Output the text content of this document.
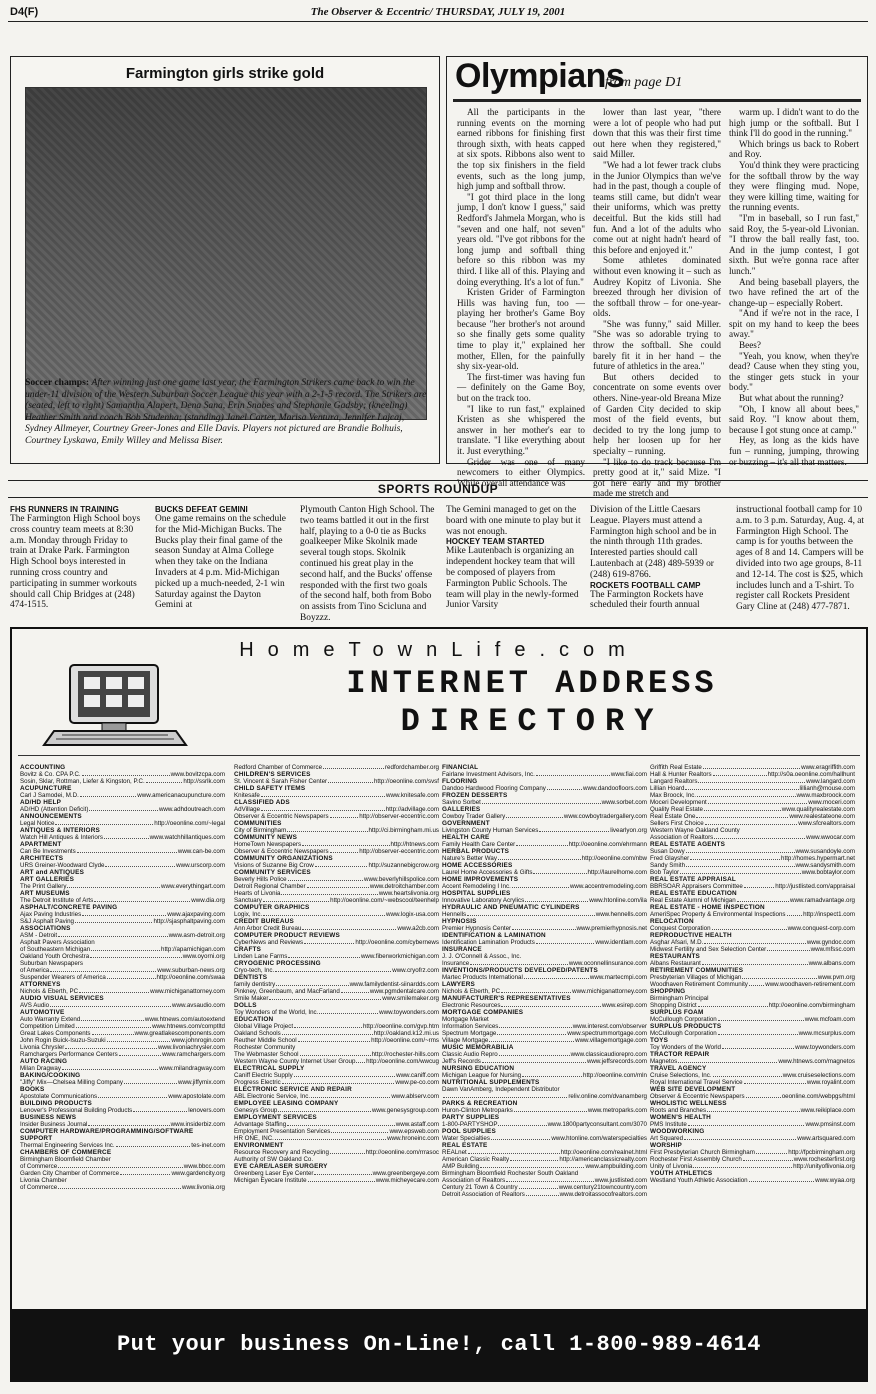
D4(F)	The Observer & Eccentric/ THURSDAY, JULY 19, 2001
Farmington girls strike gold
Soccer champs: After winning just one game last year, the Farmington Strikers came back to win the under-11 division of the Western Suburban Soccer League this year with a 2-1-5 record. The Strikers are (seated, left to right) Samantha Alapert, Dena Sana, Erin Snabes and Stephanie Gadsby; (kneeling) Heather Smith and coach Bob Studenha; (standing) Janel Carter, Marisa Ventura, Jennifer Lajcaj, Sydney Allmeyer, Courtney Greer-Jones and Elle Davis. Players not pictured are Brandie Bolhuis, Courtney Lyskawa, Emily Willey and Melissa Biser.
Olympians
from page D1

All the participants in the running events on the morning earned ribbons for finishing first through sixth, with heats capped at six spots. Ribbons also went to the top six finishers in the field events, such as the long jump, high jump and softball throw.

"I got third place in the long jump, I don't know I guess," said Redford's Jahmela Morgan, who is "seven and one half, not seven" years old. "I've got ribbons for the long jump and softball thing before so this ribbon was my third. I like all of this. Playing and doing everything. It's a lot of fun."

Kristen Grider of Farmington Hills was having fun, too — playing her brother's Game Boy because "her brother's not around so she finally gets some quality time to play it," explained her mother, Ellen, for the painfully shy six-year-old.

The first-timer was having fun — definitely on the Game Boy, but on the track too.

"I like to run fast," explained Kristen as she whispered the answer in her mother's ear to translate. "I like everything about it. Just everything."

Grider was one of many newcomers to either Olympics. While overall attendance was

lower than last year, "there were a lot of people who had put down that this was their first time out here when they registered," said Miller.

"We had a lot fewer track clubs in the Junior Olympics than we've had in the past, though a couple of teams still came, but didn't wear their uniforms, which was pretty deceitful. But the kids still had fun. And a lot of the adults who come out at night hadn't heard of this before and enjoyed it."

Some athletes dominated without even knowing it – such as Audrey Kopitz of Livonia. She breezed through her division of the softball throw – for one-year-olds.

"She was funny," said Miller. "She was so adorable trying to throw the softball. She could barely fit it in her hand – the future of athletics in the area."

But others decided to concentrate on some events over others. Nine-year-old Breana Mize of Garden City decided to skip most of the field events, but decided to try the long jump to help her loosen up for her specialty – running.

"I like to do track because I'm pretty good at it," said Mize. "I got here early and my brother made me stretch and

warm up. I didn't want to do the high jump or the softball. But I think I'll do good in the running."

Which brings us back to Robert and Roy.

You'd think they were practicing for the softball throw by the way they were flinging mud. Nope, they were killing time, waiting for the running events.

"I'm in baseball, so I run fast," said Roy, the 5-year-old Livonian. "I throw the ball really fast, too. And in the jump contest, I got sixth. But we're gonna race after lunch."

And being baseball players, the two have refined the art of the change-up – especially Robert.

"And if we're not in the race, I spit on my hand to keep the bees away."

Bees?

"Yeah, you know, when they're dead? Cause when they sting you, the stinger gets stuck in your body."

But what about the running?

"Oh, I know all about bees," said Roy. "I know about them, because I got stung once at camp."

Hey, as long as the kids have fun – running, jumping, throwing or buzzing – it's all that matters.

SPORTS ROUNDUP
FHS RUNNERS IN TRAINING
The Farmington High School boys cross country team meets at 8:30 a.m. Monday through Friday to train at Drake Park. Farmington High School boys interested in running cross country and participating in summer workouts should call Chip Bridges at (248) 474-1515.
BUCKS DEFEAT GEMINI
One game remains on the schedule for the Mid-Michigan Bucks. The Bucks play their final game of the season Sunday at Alma College when they take on the Indiana Invaders at 4 p.m. Mid-Michigan picked up a much-needed, 2-1 win Saturday against the Dayton Gemini at
Plymouth Canton High School. The two teams battled it out in the first half, playing to a 0-0 tie as Bucks goalkeeper Mike Skolnik made several tough stops. Skolnik continued his great play in the second half, and the Bucks' offense responded with the first two goals of the second half, both from Bobo on assists from Tino Scicluna and Boyzzz.
The Gemini managed to get on the board with one minute to play but it was not enough.
HOCKEY TEAM STARTED
Mike Lautenbach is organizing an independent hockey team that will be composed of players from Farmington Public Schools. The team will play in the newly-formed Junior Varsity
Division of the Little Caesars League. Players must attend a Farmington high school and be in the ninth through 11th grades. Interested parties should call Lautenbach at (248) 489-5939 or (248) 619-8766.
ROCKETS FOOTBALL CAMP
The Farmington Rockets have scheduled their fourth annual
instructional football camp for 10 a.m. to 3 p.m. Saturday, Aug. 4, at Farmington High School. The camp is for youths between the ages of 8 and 14. Campers will be divided into two age groups, 8-11 and 12-14. The cost is $25, which includes lunch and a T-shirt. To register call Rockets President Gary Cline at (248) 477-7871.
HomeTownLife.com
INTERNET ADDRESS
DIRECTORY
ACCOUNTING
Bovitz & Co. CPA P.C.	www.bovitzcpa.com
Sosin, Sklar, Rottman, Liefer & Kingston, P.C.	http://ssrlk.com
ACUPUNCTURE
Carl J Samodei, M.D.	www.americanacupuncture.com
AD/HD HELP
AD/HD (Attention Deficit)	www.adhdoutreach.com
ANNOUNCEMENTS
Legal Notice	http://oeonline.com/~legal
ANTIQUES & INTERIORS
Watch Hill Antiques & Interiors	www.watchhillantiques.com
APARTMENT
Can Be Investments	www.can-be.com
ARCHITECTS
URS Greiner-Woodward Clyde	www.urscorp.com
ART and ANTIQUES
ART GALLERIES
The Print Gallery	www.everythingart.com
ART MUSEUMS
The Detroit Institute of Arts	www.dia.org
ASPHALT/CONCRETE PAVING
Ajax Paving Industries	www.ajaxpaving.com
S&J Asphalt Paving	http://sjasphaltpaving.com
ASSOCIATIONS
ASM - Detroit	www.asm-detroit.org
Asphalt Pavers Association
of Southeastern Michigan	http://apamichigan.com
Oakland Youth Orchestra	www.oyorni.org
Suburban Newspapers
of America	www.suburban-news.org
Suspender Wearers of America	http://oeonline.com/swaa
ATTORNEYS
Nichols & Eberth, PC	www.michiganattorney.com
AUDIO VISUAL SERVICES
AVS Audio	www.avsaudio.com
AUTOMOTIVE
Auto Warranty Extend	www.htnews.com/autoextend
Competition Limited	www.htnews.com/comptltd
Great Lakes Components	www.greatlakescomponents.com
John Rogin Buick-Isuzu-Suzuki	www.johnrogin.com
Livonia Chrysler	www.livoniachrysler.com
Ramchargers Performance Centers	www.ramchargers.com
AUTO RACING
Milan Dragway	www.milandragway.com
BAKING/COOKING
"Jiffy" Mix—Chelsea Milling Company	www.jiffymix.com
BOOKS
Apostolate Communications	www.apostolate.com
BUILDING PRODUCTS
Lenover's Professional Building Products	lenovers.com
BUSINESS NEWS
Insider Business Journal	www.insiderbiz.com
COMPUTER HARDWARE/PROGRAMMING/SOFTWARE SUPPORT
Thermal Engineering Services Inc.	tes-inet.com
CHAMBERS OF COMMERCE
Birmingham Bloomfield Chamber
of Commerce	www.bbcc.com
Garden City Chamber of Commerce	www.gardencity.org
Livonia Chamber
of Commerce	www.livonia.org
Redford Chamber of Commerce	redfordchamber.org
CHILDREN'S SERVICES
St. Vincent & Sarah Fisher Center	http://oeonline.com/svsf
CHILD SAFETY ITEMS
Knitesafe	www.knitesafe.com
CLASSIFIED ADS
AdVillage	http://advillage.com
Observer & Eccentric Newspapers	http://observer-eccentric.com
COMMUNITIES
City of Birmingham	http://ci.birmingham.mi.us
COMMUNITY NEWS
HomeTown Newspapers	http://htnews.com
Observer & Eccentric Newspapers	http://observer-eccentric.com
COMMUNITY ORGANIZATIONS
Visions of Suzanne Big Crow	http://suzannebigcrow.org
COMMUNITY SERVICES
Beverly Hills Police	www.beverlyhillspolice.com
Detroit Regional Chamber	www.detroitchamber.com
Hearts of Livonia	www.heartslivonia.org
Sanctuary	http://oeonline.com/~webscool/teenhelp
COMPUTER GRAPHICS
Logix, Inc.	www.logix-usa.com
CREDIT BUREAUS
Ann Arbor Credit Bureau	www.a2cb.com
COMPUTER PRODUCT REVIEWS
CyberNews and Reviews	http://oeonline.com/cybernews
CRAFTS
Linden Lane Farms	www.fiberworkmichigan.com
CRYOGENIC PROCESSING
Cryo-tech, Inc.	www.cryofrz.com
DENTISTS
family dentistry	www.familydentist-siinardds.com
Pinkney, Greenbaum, and MacFarland	www.pgmdentalcare.com
Smile Maker	www.smilemaker.org
DOLLS
Toy Wonders of the World, Inc.	www.toywonders.com
EDUCATION
Global Village Project	http://oeonline.com/gvp.htm
Oakland Schools	http://oakland.k12.mi.us
Reuther Middle School	http://oeonline.com/~rms
Rochester Community
The Webmaster School	http://rochester-hills.com
Western Wayne County Internet User Group http://oeonline.com/wwcug
ELECTRICAL SUPPLY
Caniff Electric Supply	www.caniff.com
Progress Electric	www.pe-co.com
ELECTRONIC SERVICE AND REPAIR
ABL Electronic Service, Inc.	www.ablserv.com
EMPLOYEE LEASING COMPANY
Genesys Group	www.genesysgroup.com
EMPLOYMENT SERVICES
Advantage Staffing	www.astaff.com
Employment Presentation Services	www.epsweb.com
HR ONE, INC.	www.hroneinc.com
ENVIRONMENT
Resource Recovery and Recycling	http://oeonline.com/rrrasoc
Authority of SW Oakland Co.
EYE CARE/LASER SURGERY
Greenberg Laser Eye Center	www.greenbergeye.com
Michigan Eyecare Institute	www.micheyecare.com
FINANCIAL
Fairlane Investment Advisors, Inc.	www.fiai.com
FLOORING
Dandoo Hardwood Flooring Company	www.dandoofloors.com
FROZEN DESSERTS
Savino Sorbet	www.sorbet.com
GALLERIES
Cowboy Trader Gallery	www.cowboytradergallery.com
GOVERNMENT
Livingston County Human Services	livearlyon.org
HEALTH CARE
Family Health Care Center	http://oeonline.com/ehrmann
HERBAL PRODUCTS
Nature's Better Way	http://oeonline.com/nbw
HOME ACCESSORIES
Laurel Home Accessories & Gifts	http://laurelhome.com
HOME IMPROVEMENTS
Accent Remodeling I Inc.	www.accentremodeling.com
HOSPITAL SUPPLIES
Innovative Laboratory Acrylics	www.htonline.com/ila
HYDRAULIC AND PNEUMATIC CYLINDERS
Hennells	www.hennells.com
HYPNOSIS
Premier Hypnosis Center	www.premierhypnosis.net
IDENTIFICATION & LAMINATION
Identification Lamination Products	www.identlam.com
INSURANCE
J. J. O'Connell & Assoc., Inc.
Insurance	www.oconnellinsurance.com
INVENTIONS/PRODUCTS DEVELOPED/PATENTS
Martec Products International	www.martecmpi.com
LAWYERS
Nichols & Eberth, PC	www.michiganattorney.com
MANUFACTURER'S REPRESENTATIVES
Electronic Resources	www.esirep.com
MORTGAGE COMPANIES
Mortgage Market
Information Services	www.interest.com/observer
Spectrum Mortgage	www.spectrummortgage.com
Village Mortgage	www.villagemortgage.com
MUSIC MEMORABILIA
Classic Audio Repro	www.classicaudiorepro.com
Jeff's Records	www.jeffsrecords.com
NURSING EDUCATION
Michigan League for Nursing	http://oeonline.com/mln
NUTRITIONAL SUPPLEMENTS
Dawn VanAmberg, Independent Distributor
reliv.online.com/dvanamberg
PARKS & RECREATION
Huron-Clinton Metroparks	www.metroparks.com
PARTY SUPPLIES
1-800-PARTYSHOP	www.1800partyconsultant.com/3070
POOL SUPPLIES
Water Specialties	www.htonline.com/waterspecialties
REAL ESTATE
REALnet	http://oeonline.com/realnet.html
American Classic Realty	http://americanclassicrealty.com
AMP Building	www.ampbuilding.com
Birmingham Bloomfield Rochester South Oakland
Association of Realtors	www.justlisted.com
Century 21 Town & Country	www.century21towncountry.com
Detroit Association of Realtors	www.detroitassocofrealtors.com
Griffith Real Estate	www.eragriffith.com
Hall & Hunter Realtors	http://s0a.oeonline.com/hallhunt
Langard Realtors	www.langard.com
Lillian Hoard	lillianh@mouse.com
Max Broock, Inc.	www.maxbroock.com
Moceri Development	www.moceri.com
Quality Real Estate	www.qualityrealestate.com
Real Estate One	www.realestateone.com
Sellers First Choice	www.sfcrealtors.com
Western Wayne Oakland County
Association of Realtors	www.wwocar.com
REAL ESTATE AGENTS
Susan Dowy	www.susandoyle.com
Fred Glaysher	http://homes.hypermart.net
Sandy Smith	www.sandysmith.com
Bob Taylor	www.bobtaylor.com
REAL ESTATE APPRAISAL
BBRSOAR Appraisers Committee	http://justlisted.com/appraisal
REAL ESTATE EDUCATION
Real Estate Alumni of Michigan	www.ramadvantage.org
REAL ESTATE - HOME INSPECTION
AmeriSpec Property & Environmental Inspections	http://inspect1.com
RELOCATION
Conquest Corporation	www.conquest-corp.com
REPRODUCTIVE HEALTH
Asghar Afsari, M.D.	www.gyndoc.com
Midwest Fertility and Sex Selection Center	www.mfssc.com
RESTAURANTS
Albans Restaurant	www.albans.com
RETIREMENT COMMUNITIES
Presbyterian Villages of Michigan	www.pvm.org
Woodhaven Retirement Community	www.woodhaven-retirement.com
SHOPPING
Birmingham Principal
Shopping District	http://oeonline.com/birmingham
SURPLUS FOAM
McCullough Corporation	www.mcfoam.com
SURPLUS PRODUCTS
McCullough Corporation	www.mcsurplus.com
TOYS
Toy Wonders of the World	www.toywonders.com
TRACTOR REPAIR
Magnetos	www.htnews.com/magnetos
TRAVEL AGENCY
Cruise Selections, Inc.	www.cruiseselections.com
Royal International Travel Service	www.royalint.com
WEB SITE DEVELOPMENT
Observer & Eccentric Newspapers	oeonline.com/webpgs/html
WHOLISTIC WELLNESS
Roots and Branches	www.reikiplace.com
WOMEN'S HEALTH
PMS Institute	www.pmsinst.com
WOODWORKING
Art Squared	www.artsquared.com
WORSHIP
First Presbyterian Church Birmingham	http://fpcbirmingham.org
Rochester First Assembly Church	www.rochesterfirst.org
Unity of Livonia	http://unityoflivonia.org
YOUTH ATHLETICS
Westland Youth Athletic Association	www.wyaa.org
Put your business On-Line!, call 1-800-989-4614
